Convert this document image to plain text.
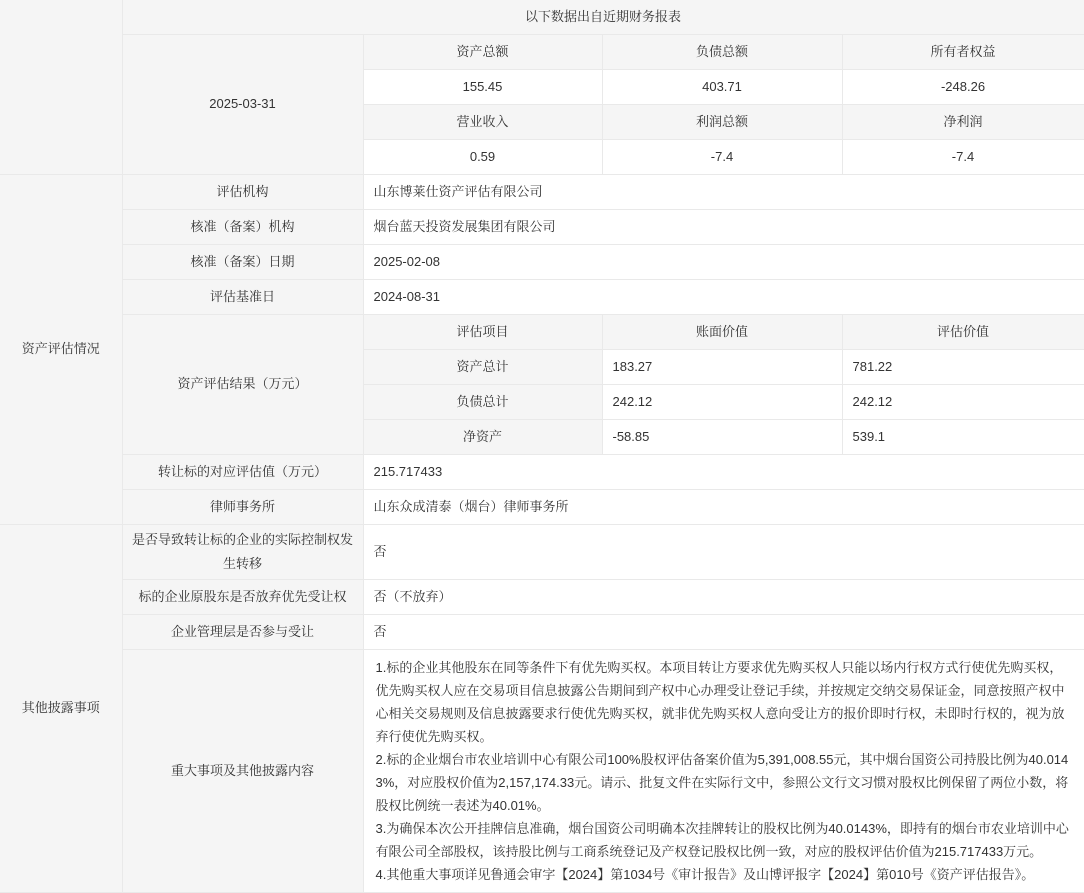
	以下数据出自近期财务报表			
	2025-03-31	资产总额	负债总额	所有者权益
		155.45	403.71	-248.26
		营业收入	利润总额	净利润
		0.59	-7.4	-7.4
资产评估情况	评估机构	山东博莱仕资产评估有限公司		
	核准（备案）机构	烟台蓝天投资发展集团有限公司		
	核准（备案）日期	2025-02-08		
	评估基准日	2024-08-31		
	资产评估结果（万元）	评估项目	账面价值	评估价值
		资产总计	183.27	781.22
		负债总计	242.12	242.12
		净资产	-58.85	539.1
	转让标的对应评估值（万元）	215.717433		
	律师事务所	山东众成清泰（烟台）律师事务所		
其他披露事项	是否导致转让标的企业的实际控制权发生转移	否		
	标的企业原股东是否放弃优先受让权	否（不放弃）		
	企业管理层是否参与受让	否		
	重大事项及其他披露内容	1.标的企业其他股东在同等条件下有优先购买权。本项目转让方要求优先购买权人只能以场内行权方式行使优先购买权，优先购买权人应在交易项目信息披露公告期间到产权中心办理受让登记手续，并按规定交纳交易保证金，同意按照产权中心相关交易规则及信息披露要求行使优先购买权，就非优先购买权人意向受让方的报价即时行权，未即时行权的，视为放弃行使优先购买权。

2.标的企业烟台市农业培训中心有限公司100%股权评估备案价值为5,391,008.55元，其中烟台国资公司持股比例为40.0143%，对应股权价值为2,157,174.33元。请示、批复文件在实际行文中，参照公文行文习惯对股权比例保留了两位小数，将股权比例统一表述为40.01%。

3.为确保本次公开挂牌信息准确，烟台国资公司明确本次挂牌转让的股权比例为40.0143%，即持有的烟台市农业培训中心有限公司全部股权，该持股比例与工商系统登记及产权登记股权比例一致，对应的股权评估价值为215.717433万元。

4.其他重大事项详见鲁通会审字【2024】第1034号《审计报告》及山博评报字【2024】第010号《资产评估报告》。		
